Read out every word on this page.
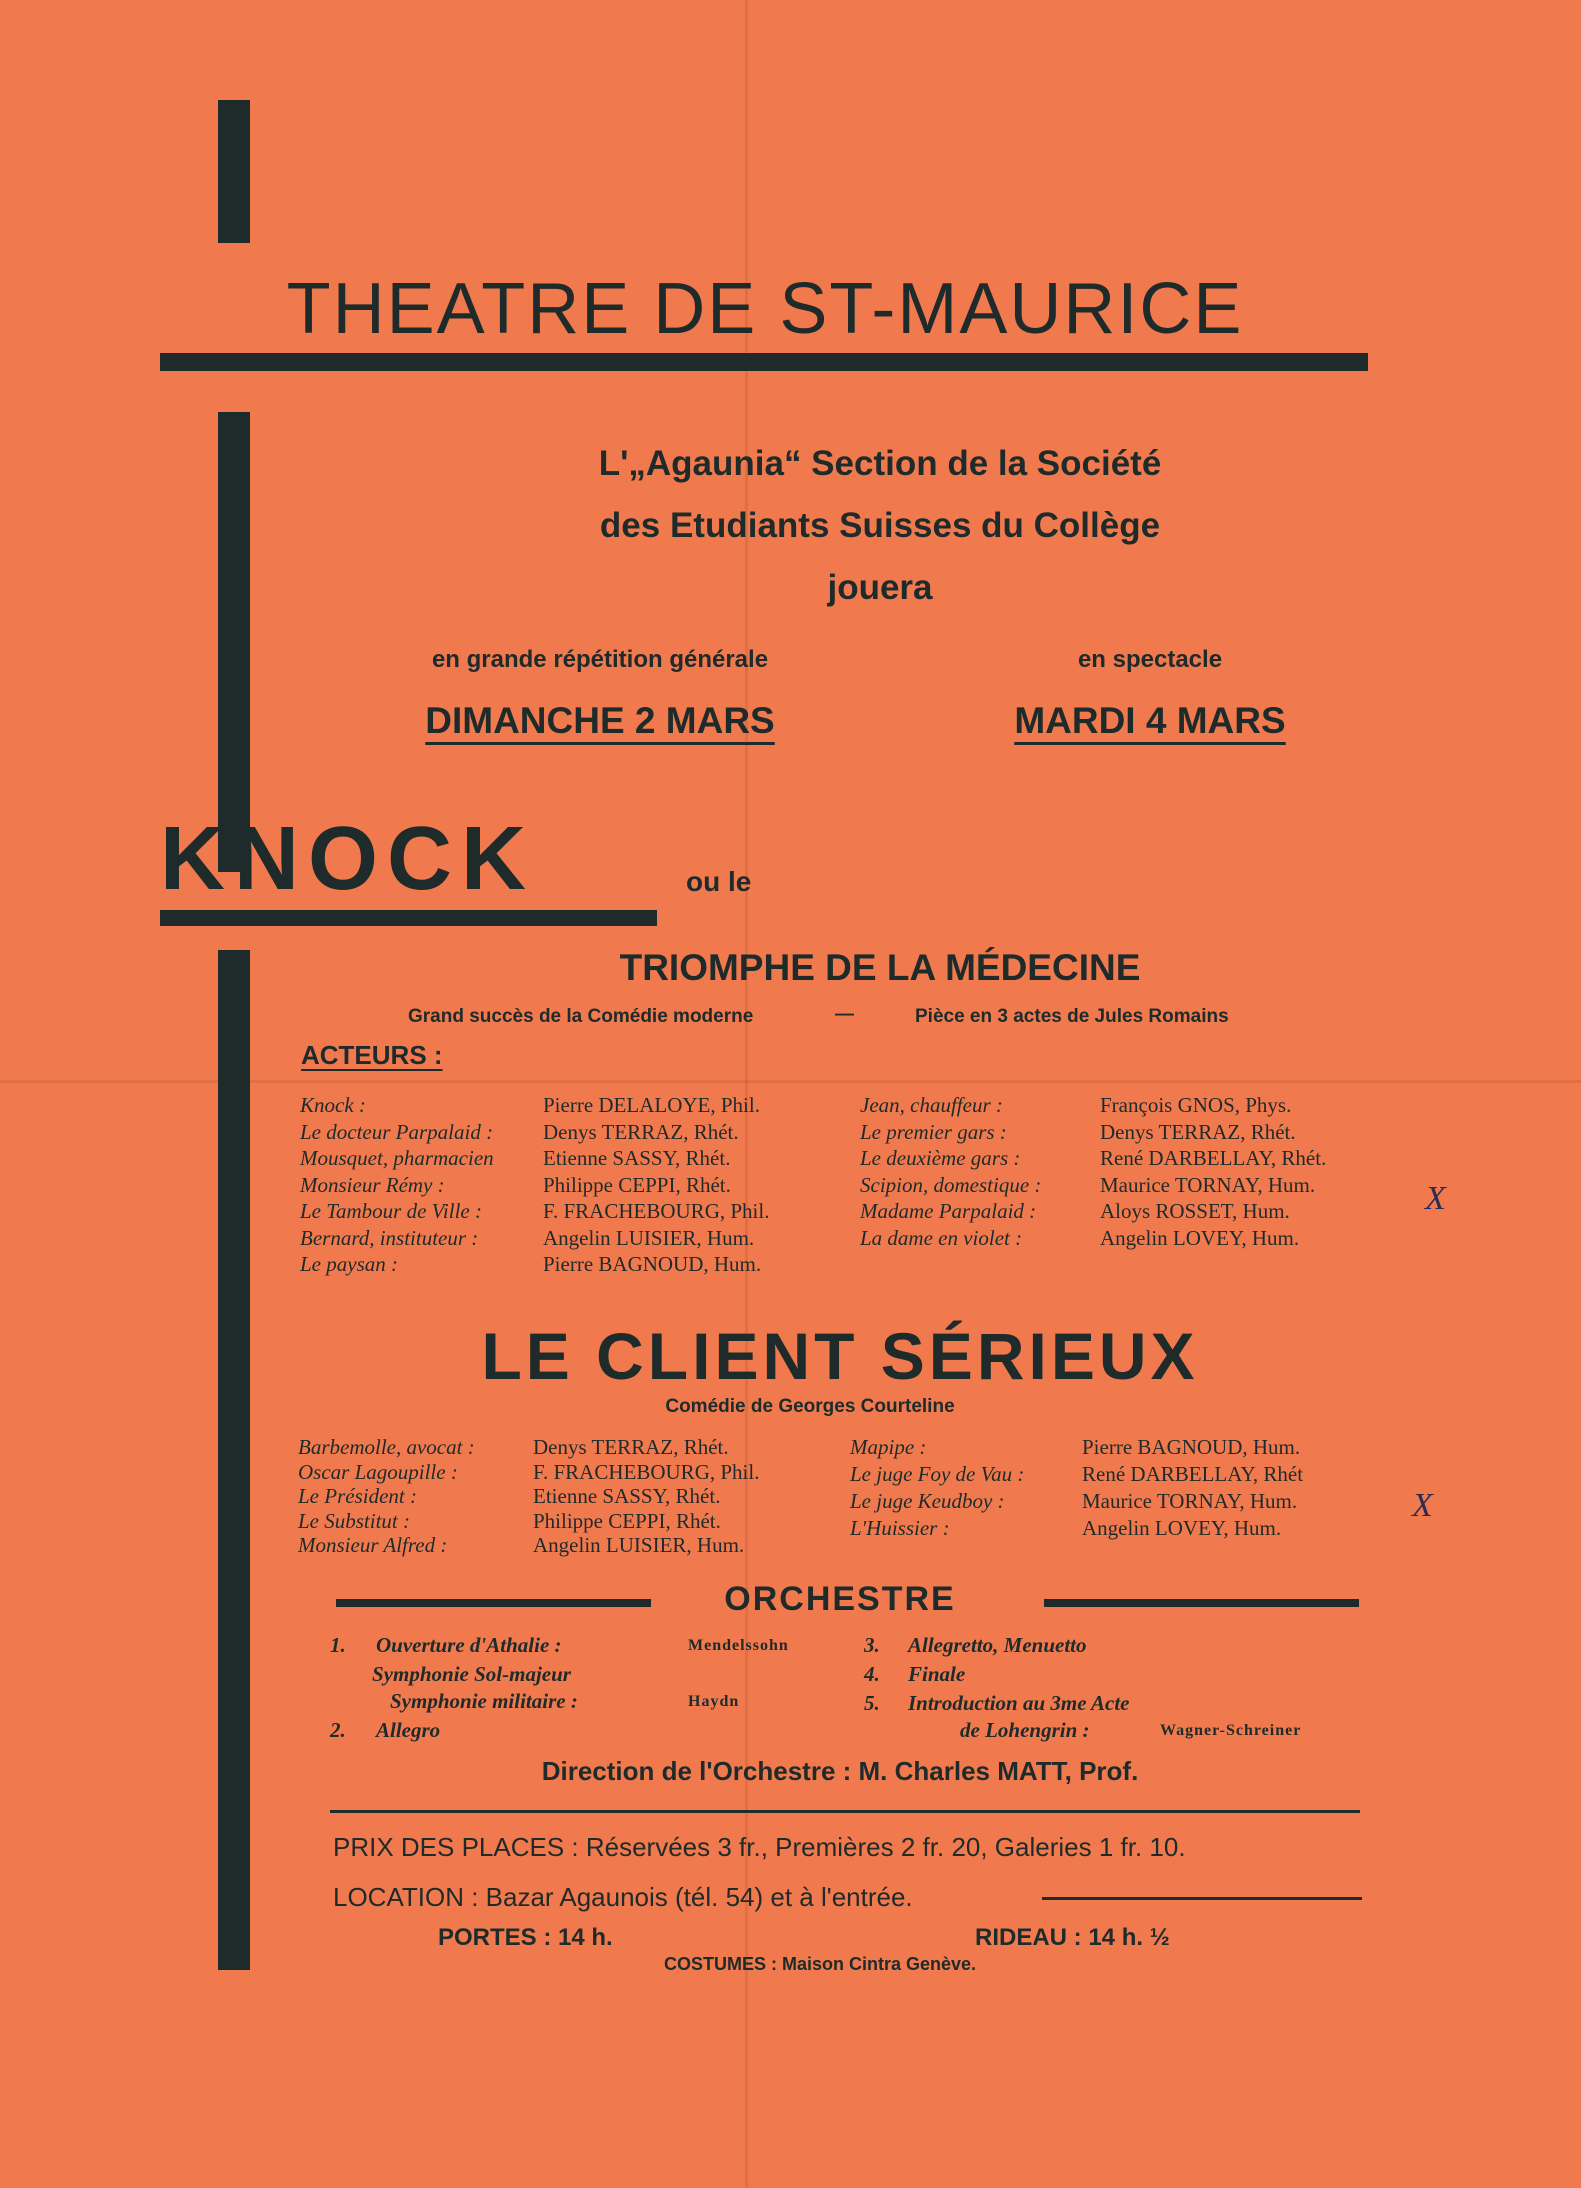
THEATRE DE ST-MAURICE
L'„Agaunia“ Section de la Société
des Etudiants Suisses du Collège
jouera
en grande répétition générale	en spectacle
DIMANCHE 2 MARS	MARDI 4 MARS
KNOCK	ou le
TRIOMPHE DE LA MÉDECINE
Grand succès de la Comédie moderne	—	Pièce en 3 actes de Jules Romains
ACTEURS :
Knock :	Pierre DELALOYE, Phil.
Le docteur Parpalaid :	Denys TERRAZ, Rhét.
Mousquet, pharmacien	Etienne SASSY, Rhét.
Monsieur Rémy :	Philippe CEPPI, Rhét.
Le Tambour de Ville :	F. FRACHEBOURG, Phil.
Bernard, instituteur :	Angelin LUISIER, Hum.
Le paysan :	Pierre BAGNOUD, Hum.
Jean, chauffeur :	François GNOS, Phys.
Le premier gars :	Denys TERRAZ, Rhét.
Le deuxième gars :	René DARBELLAY, Rhét.
Scipion, domestique :	Maurice TORNAY, Hum.
Madame Parpalaid :	Aloys ROSSET, Hum.
La dame en violet :	Angelin LOVEY, Hum.
LE CLIENT SÉRIEUX
Comédie de Georges Courteline
Barbemolle, avocat :	Denys TERRAZ, Rhét.
Oscar Lagoupille :	F. FRACHEBOURG, Phil.
Le Président :	Etienne SASSY, Rhét.
Le Substitut :	Philippe CEPPI, Rhét.
Monsieur Alfred :	Angelin LUISIER, Hum.
Mapipe :	Pierre BAGNOUD, Hum.
Le juge Foy de Vau :	René DARBELLAY, Rhét
Le juge Keudboy :	Maurice TORNAY, Hum.
L'Huissier :	Angelin LOVEY, Hum.
X
X
ORCHESTRE
1. Ouverture d'Athalie :	Mendelssohn
Symphonie Sol-majeur
Symphonie militaire :	Haydn
2. Allegro
3. Allegretto, Menuetto
4. Finale
5. Introduction au 3me Acte
de Lohengrin :	Wagner-Schreiner
Direction de l'Orchestre : M. Charles MATT, Prof.
PRIX DES PLACES : Réservées 3 fr., Premières 2 fr. 20, Galeries 1 fr. 10.
LOCATION : Bazar Agaunois (tél. 54) et à l'entrée.
PORTES : 14 h.	RIDEAU : 14 h. ½
COSTUMES : Maison Cintra Genève.
